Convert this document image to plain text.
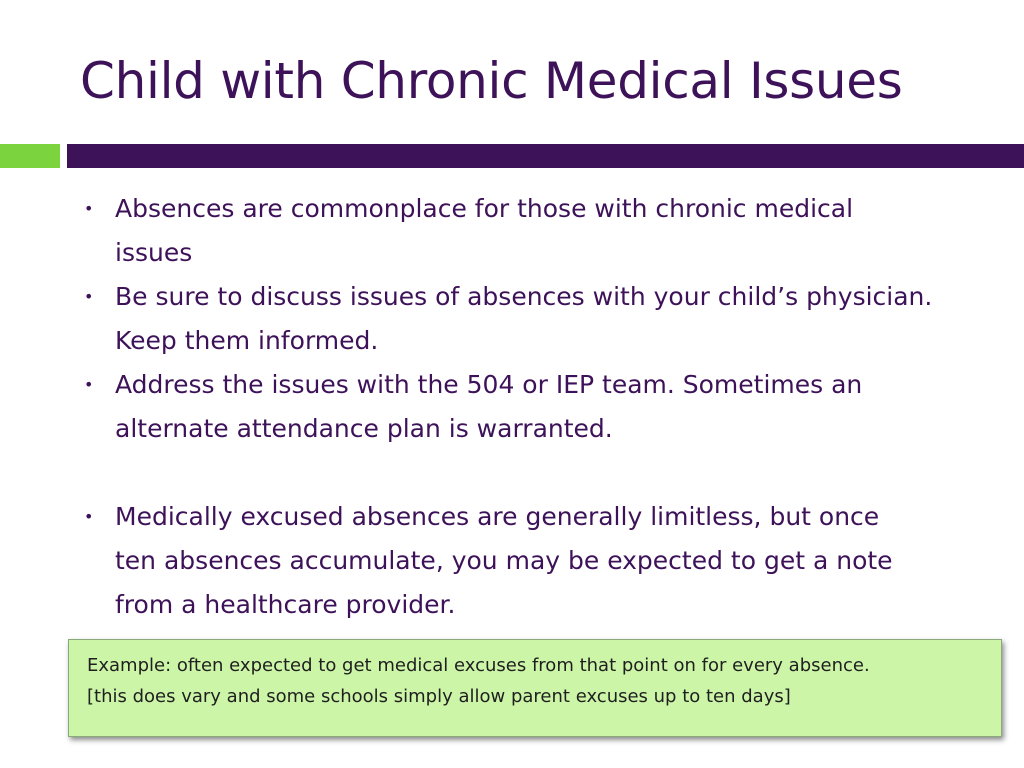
Child with Chronic Medical Issues
• Absences are commonplace for those with chronic medical
issues
• Be sure to discuss issues of absences with your child’s physician.
Keep them informed.
• Address the issues with the 504 or IEP team. Sometimes an
alternate attendance plan is warranted.
• Medically excused absences are generally limitless, but once
ten absences accumulate, you may be expected to get a note
from a healthcare provider.
Example: often expected to get medical excuses from that point on for every absence.
[this does vary and some schools simply allow parent excuses up to ten days]
